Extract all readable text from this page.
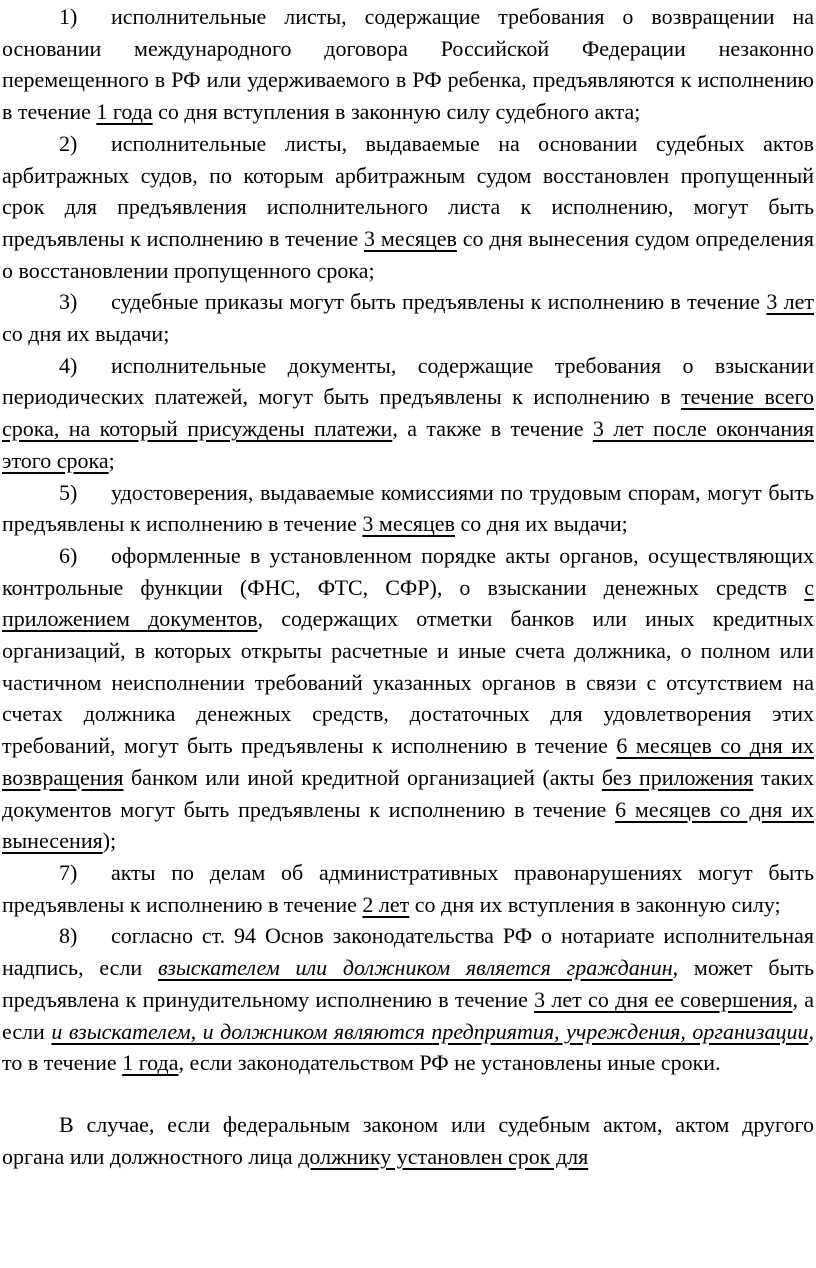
1) исполнительные листы, содержащие требования о возвращении на основании международного договора Российской Федерации незаконно перемещенного в РФ или удерживаемого в РФ ребенка, предъявляются к исполнению в течение 1 года со дня вступления в законную силу судебного акта;

2) исполнительные листы, выдаваемые на основании судебных актов арбитражных судов, по которым арбитражным судом восстановлен пропущенный срок для предъявления исполнительного листа к исполнению, могут быть предъявлены к исполнению в течение 3 месяцев со дня вынесения судом определения о восстановлении пропущенного срока;

3) судебные приказы могут быть предъявлены к исполнению в течение 3 лет со дня их выдачи;

4) исполнительные документы, содержащие требования о взыскании периодических платежей, могут быть предъявлены к исполнению в течение всего срока, на который присуждены платежи, а также в течение 3 лет после окончания этого срока;

5) удостоверения, выдаваемые комиссиями по трудовым спорам, могут быть предъявлены к исполнению в течение 3 месяцев со дня их выдачи;

6) оформленные в установленном порядке акты органов, осуществляющих контрольные функции (ФНС, ФТС, СФР), о взыскании денежных средств с приложением документов, содержащих отметки банков или иных кредитных организаций, в которых открыты расчетные и иные счета должника, о полном или частичном неисполнении требований указанных органов в связи с отсутствием на счетах должника денежных средств, достаточных для удовлетворения этих требований, могут быть предъявлены к исполнению в течение 6 месяцев со дня их возвращения банком или иной кредитной организацией (акты без приложения таких документов могут быть предъявлены к исполнению в течение 6 месяцев со дня их вынесения);

7) акты по делам об административных правонарушениях могут быть предъявлены к исполнению в течение 2 лет со дня их вступления в законную силу;

8) согласно ст. 94 Основ законодательства РФ о нотариате исполнительная надпись, если взыскателем или должником является гражданин, может быть предъявлена к принудительному исполнению в течение 3 лет со дня ее совершения, а если и взыскателем, и должником являются предприятия, учреждения, организации, то в течение 1 года, если законодательством РФ не установлены иные сроки.

В случае, если федеральным законом или судебным актом, актом другого органа или должностного лица должнику установлен срок для
